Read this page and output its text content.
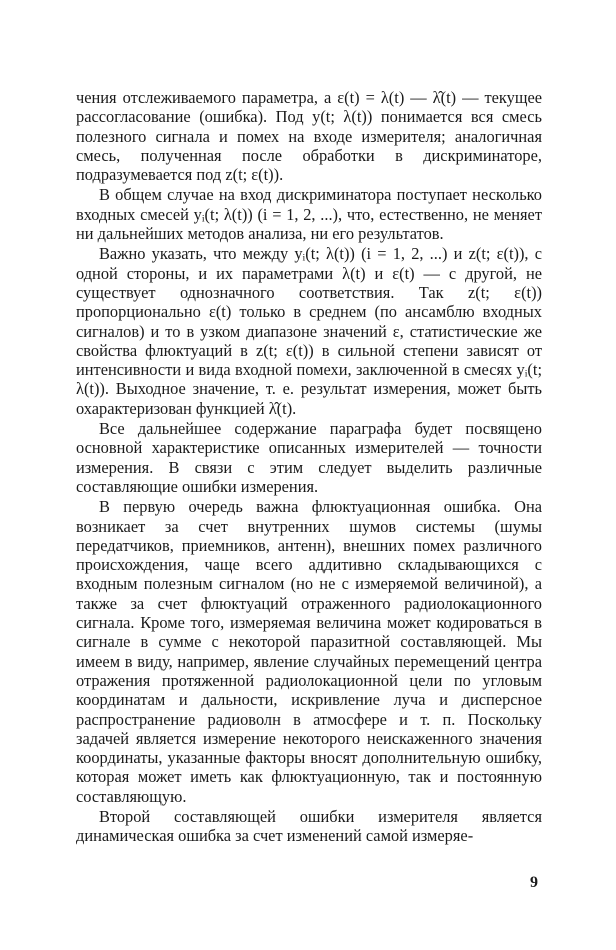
чения отслеживаемого параметра, а ε(t) = λ(t) — λ̂(t) — текущее рассогласование (ошибка). Под y(t; λ(t)) понимается вся смесь полезного сигнала и помех на входе измерителя; аналогичная смесь, полученная после обработки в дискриминаторе, подразумевается под z(t; ε(t)).

В общем случае на вход дискриминатора поступает несколько входных смесей yᵢ(t; λ(t)) (i = 1, 2, ...), что, естественно, не меняет ни дальнейших методов анализа, ни его результатов.

Важно указать, что между yᵢ(t; λ(t)) (i = 1, 2, ...) и z(t; ε(t)), с одной стороны, и их параметрами λ(t) и ε(t) — с другой, не существует однозначного соответствия. Так z(t; ε(t)) пропорционально ε(t) только в среднем (по ансамблю входных сигналов) и то в узком диапазоне значений ε, статистические же свойства флюктуаций в z(t; ε(t)) в сильной степени зависят от интенсивности и вида входной помехи, заключенной в смесях yᵢ(t; λ(t)). Выходное значение, т. е. результат измерения, может быть охарактеризован функцией λ̂(t).

Все дальнейшее содержание параграфа будет посвящено основной характеристике описанных измерителей — точности измерения. В связи с этим следует выделить различные составляющие ошибки измерения.

В первую очередь важна флюктуационная ошибка. Она возникает за счет внутренних шумов системы (шумы передатчиков, приемников, антенн), внешних помех различного происхождения, чаще всего аддитивно складывающихся с входным полезным сигналом (но не с измеряемой величиной), а также за счет флюктуаций отраженного радиолокационного сигнала. Кроме того, измеряемая величина может кодироваться в сигнале в сумме с некоторой паразитной составляющей. Мы имеем в виду, например, явление случайных перемещений центра отражения протяженной радиолокационной цели по угловым координатам и дальности, искривление луча и дисперсное распространение радиоволн в атмосфере и т. п. Поскольку задачей является измерение некоторого неискаженного значения координаты, указанные факторы вносят дополнительную ошибку, которая может иметь как флюктуационную, так и постоянную составляющую.

Второй составляющей ошибки измерителя является динамическая ошибка за счет изменений самой измеряе-

9
